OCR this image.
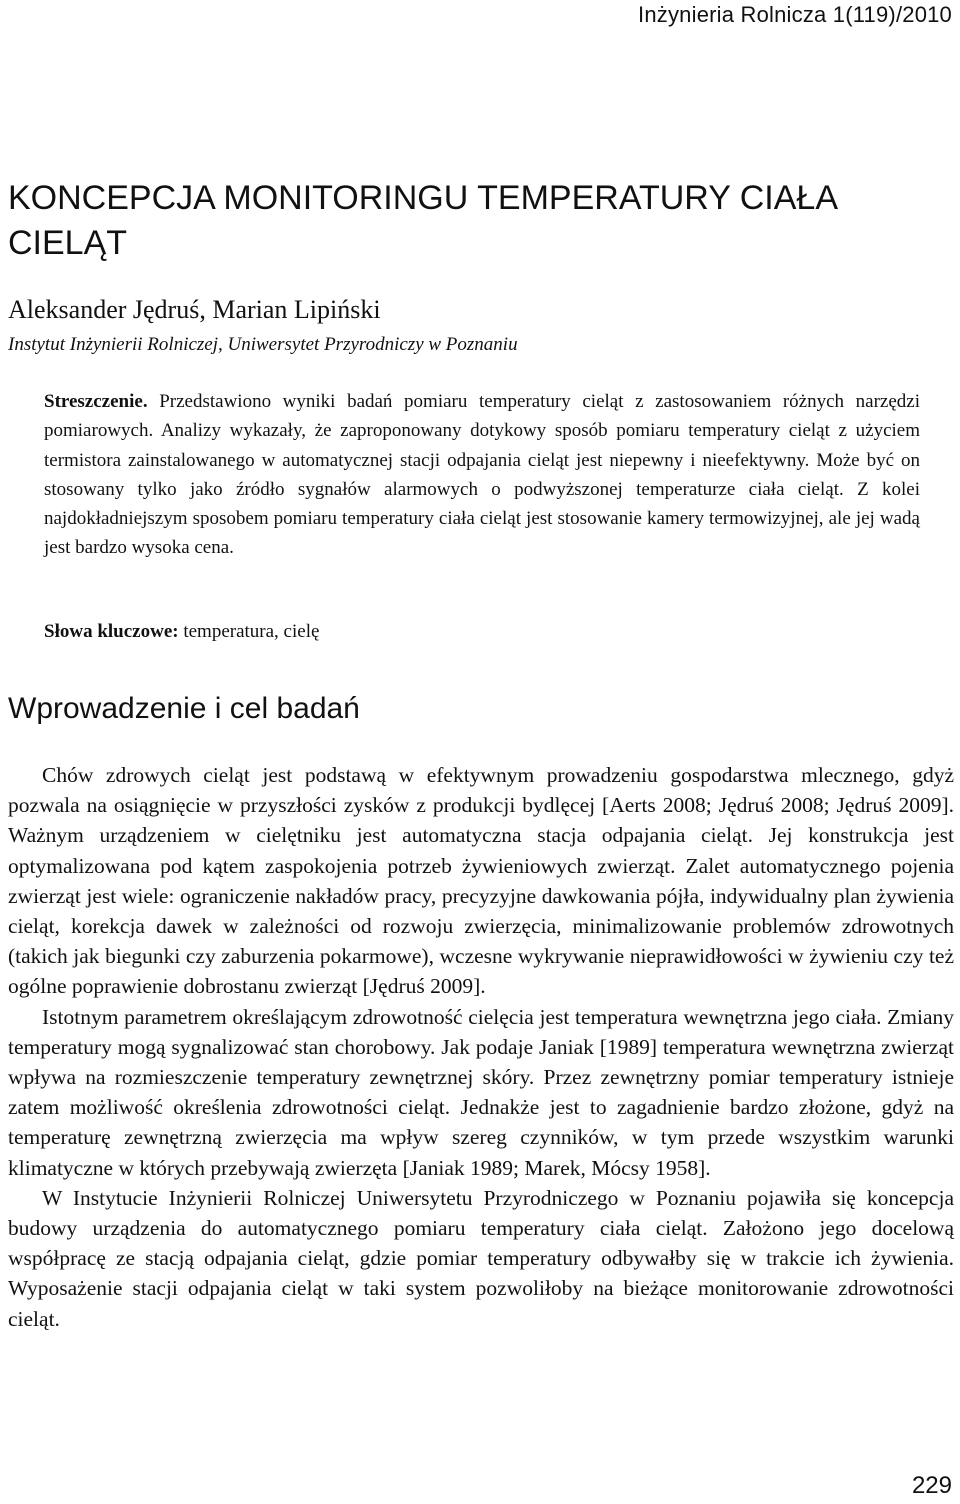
Inżynieria Rolnicza 1(119)/2010
KONCEPCJA MONITORINGU TEMPERATURY CIAŁA CIELĄT
Aleksander Jędruś, Marian Lipiński
Instytut Inżynierii Rolniczej, Uniwersytet Przyrodniczy w Poznaniu

Streszczenie. Przedstawiono wyniki badań pomiaru temperatury cieląt z zastosowaniem różnych narzędzi pomiarowych. Analizy wykazały, że zaproponowany dotykowy sposób pomiaru temperatury cieląt z użyciem termistora zainstalowanego w automatycznej stacji odpajania cieląt jest niepewny i nieefektywny. Może być on stosowany tylko jako źródło sygnałów alarmowych o podwyższonej temperaturze ciała cieląt. Z kolei najdokładniejszym sposobem pomiaru temperatury ciała cieląt jest stosowanie kamery termowizyjnej, ale jej wadą jest bardzo wysoka cena.

Słowa kluczowe: temperatura, cielę

Wprowadzenie i cel badań

Chów zdrowych cieląt jest podstawą w efektywnym prowadzeniu gospodarstwa mlecznego, gdyż pozwala na osiągnięcie w przyszłości zysków z produkcji bydlęcej [Aerts 2008; Jędruś 2008; Jędruś 2009]. Ważnym urządzeniem w cielętniku jest automatyczna stacja odpajania cieląt. Jej konstrukcja jest optymalizowana pod kątem zaspokojenia potrzeb żywieniowych zwierząt. Zalet automatycznego pojenia zwierząt jest wiele: ograniczenie nakładów pracy, precyzyjne dawkowania pójła, indywidualny plan żywienia cieląt, korekcja dawek w zależności od rozwoju zwierzęcia, minimalizowanie problemów zdrowotnych (takich jak biegunki czy zaburzenia pokarmowe), wczesne wykrywanie nieprawidłowości w żywieniu czy też ogólne poprawienie dobrostanu zwierząt [Jędruś 2009].

Istotnym parametrem określającym zdrowotność cielęcia jest temperatura wewnętrzna jego ciała. Zmiany temperatury mogą sygnalizować stan chorobowy. Jak podaje Janiak [1989] temperatura wewnętrzna zwierząt wpływa na rozmieszczenie temperatury zewnętrznej skóry. Przez zewnętrzny pomiar temperatury istnieje zatem możliwość określenia zdrowotności cieląt. Jednakże jest to zagadnienie bardzo złożone, gdyż na temperaturę zewnętrzną zwierzęcia ma wpływ szereg czynników, w tym przede wszystkim warunki klimatyczne w których przebywają zwierzęta [Janiak 1989; Marek, Mócsy 1958].

W Instytucie Inżynierii Rolniczej Uniwersytetu Przyrodniczego w Poznaniu pojawiła się koncepcja budowy urządzenia do automatycznego pomiaru temperatury ciała cieląt. Założono jego docelową współpracę ze stacją odpajania cieląt, gdzie pomiar temperatury odbywałby się w trakcie ich żywienia. Wyposażenie stacji odpajania cieląt w taki system pozwoliłoby na bieżące monitorowanie zdrowotności cieląt.

229
